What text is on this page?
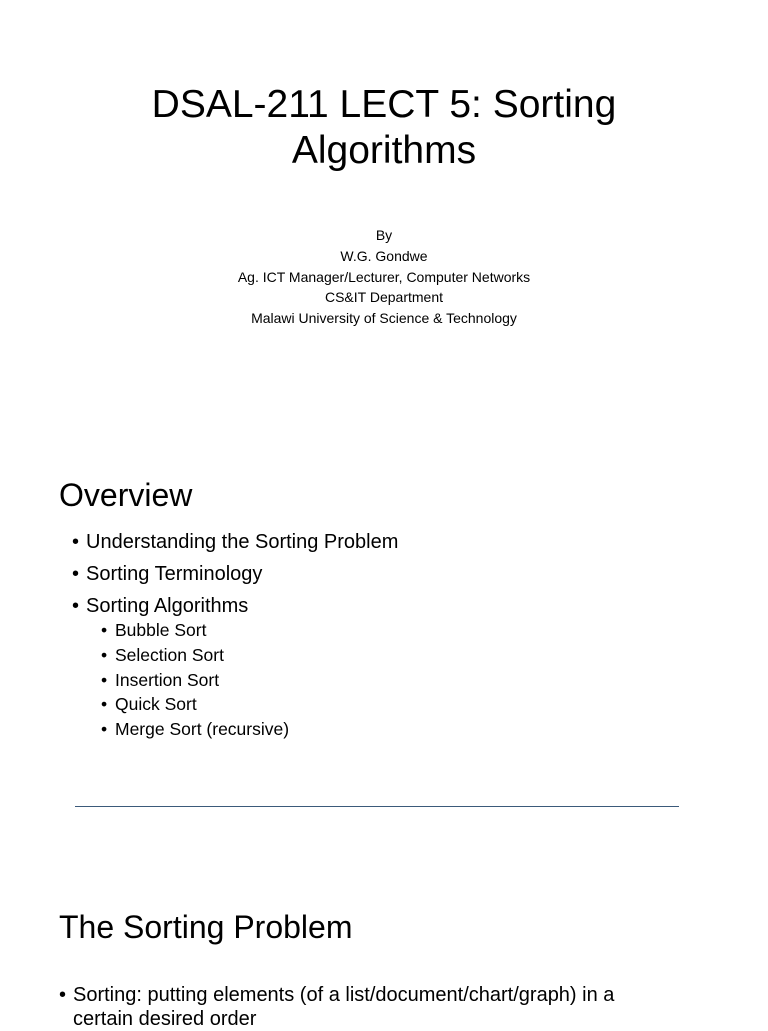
DSAL-211 LECT 5: Sorting
Algorithms
By
W.G. Gondwe
Ag. ICT Manager/Lecturer, Computer Networks
CS&IT Department
Malawi University of Science & Technology
Overview
• Understanding the Sorting Problem
• Sorting Terminology
• Sorting Algorithms
• Bubble Sort
• Selection Sort
• Insertion Sort
• Quick Sort
• Merge Sort (recursive)
The Sorting Problem
• Sorting: putting elements (of a list/document/chart/graph) in a
certain desired order
